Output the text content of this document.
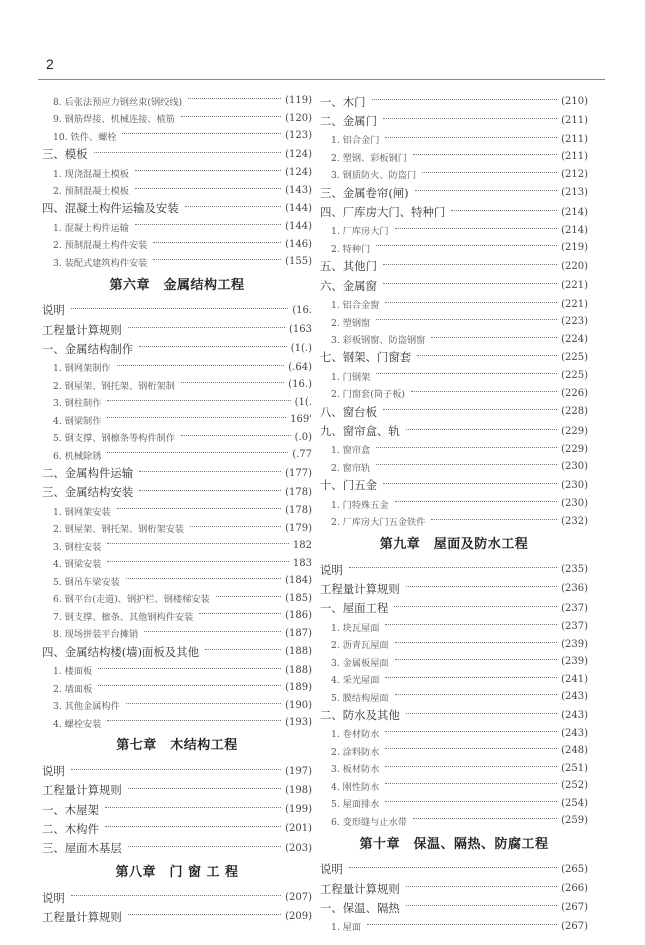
2
8. 后张法预应力钢丝束(钢绞线)	(119)
9. 钢筋焊接、机械连接、植筋	(120)
10. 铁件、螺栓	(123)
三、模板	(124)
1. 现浇混凝土模板	(124)
2. 预制混凝土模板	(143)
四、混凝土构件运输及安装	(144)
1. 混凝土构件运输	(144)
2. 预制混凝土构件安装	(146)
3. 装配式建筑构件安装	(155)
第六章　金属结构工程
说明	(16.
工程量计算规则	(163
一、金属结构制作	(1(.)
1. 钢网架制作	(.64)
2. 钢屋架、钢托架、钢桁架制	(16.)
3. 钢柱制作	(1(.
4. 钢梁制作	169'
5. 钢支撑、钢檩条等构件制作	(.0)
6. 机械除锈	(.77
二、金属构件运输	(177)
三、金属结构安装	(178)
1. 钢网架安装	(178)
2. 钢屋架、钢托架、钢桁架安装	(179)
3. 钢柱安装	182
4. 钢梁安装	183
5. 钢吊车梁安装	(184)
6. 钢平台(走道)、钢护栏、钢楼梯安装	(185)
7. 钢支撑、檩条、其他钢构件安装	(186)
8. 现场拼装平台摊销	(187)
四、金属结构楼(墙)面板及其他	(188)
1. 楼面板	(188)
2. 墙面板	(189)
3. 其他金属构件	(190)
4. 螺栓安装	(193)
第七章　木结构工程
说明	(197)
工程量计算规则	(198)
一、木屋架	(199)
二、木构件	(201)
三、屋面木基层	(203)
第八章　门 窗 工 程
说明	(207)
工程量计算规则	(209)
一、木门	(210)
二、金属门	(211)
1. 铝合金门	(211)
2. 塑钢、彩板钢门	(211)
3. 钢质防火、防盗门	(212)
三、金属卷帘(闸)	(213)
四、厂库房大门、特种门	(214)
1. 厂库房大门	(214)
2. 特种门	(219)
五、其他门	(220)
六、金属窗	(221)
1. 铝合金窗	(221)
2. 塑钢窗	(223)
3. 彩板钢窗、防盗钢窗	(224)
七、钢架、门窗套	(225)
1. 门钢架	(225)
2. 门窗套(筒子板)	(226)
八、窗台板	(228)
九、窗帘盒、轨	(229)
1. 窗帘盒	(229)
2. 窗帘轨	(230)
十、门五金	(230)
1. 门特殊五金	(230)
2. 厂库房大门五金铁件	(232)
第九章　屋面及防水工程
说明	(235)
工程量计算规则	(236)
一、屋面工程	(237)
1. 块瓦屋面	(237)
2. 沥青瓦屋面	(239)
3. 金属板屋面	(239)
4. 采光屋面	(241)
5. 膜结构屋面	(243)
二、防水及其他	(243)
1. 卷材防水	(243)
2. 涂料防水	(248)
3. 板材防水	(251)
4. 刚性防水	(252)
5. 屋面排水	(254)
6. 变形缝与止水带	(259)
第十章　保温、隔热、防腐工程
说明	(265)
工程量计算规则	(266)
一、保温、隔热	(267)
1. 屋面	(267)
